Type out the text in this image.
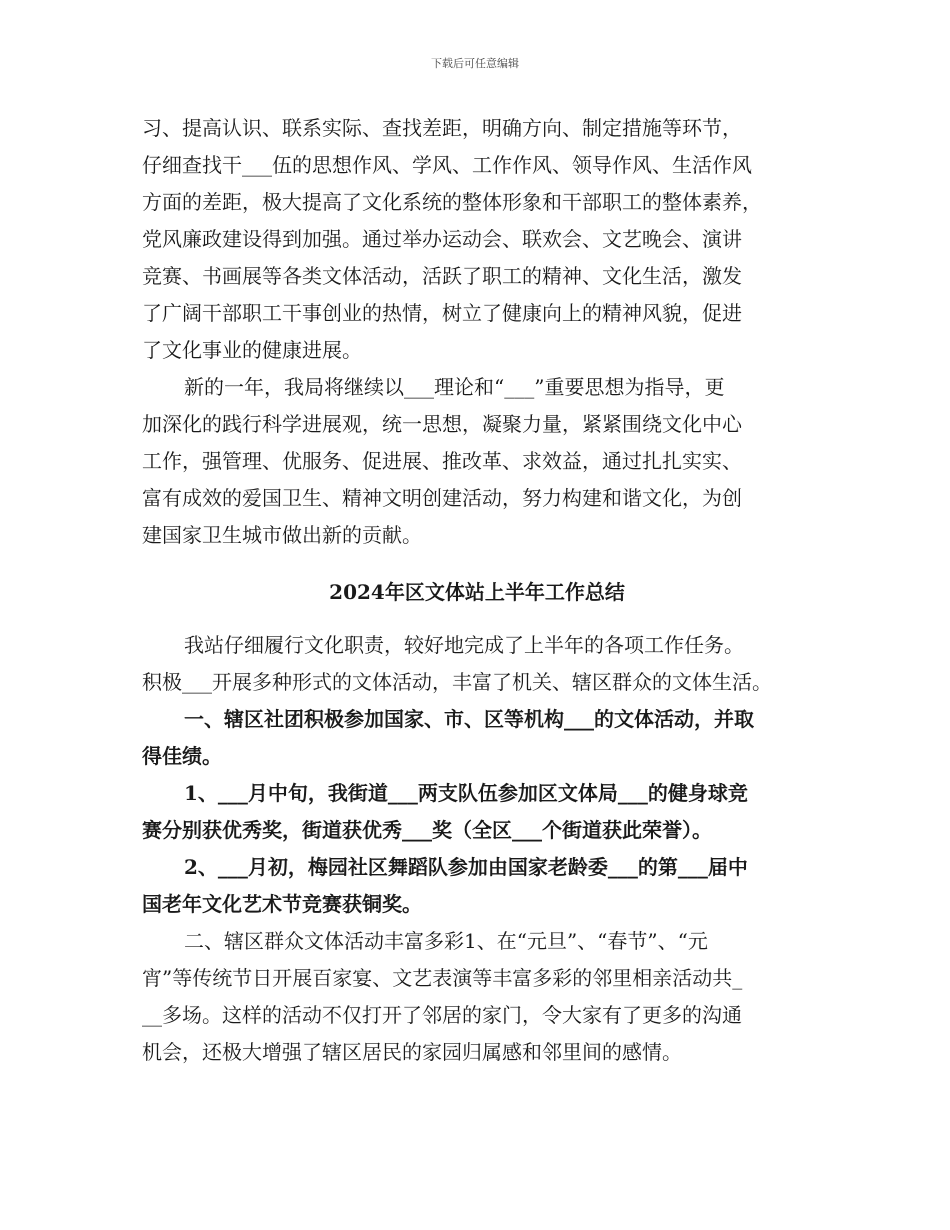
下载后可任意编辑
习、提高认识、联系实际、查找差距，明确方向、制定措施等环节，
仔细查找干___伍的思想作风、学风、工作作风、领导作风、生活作风
方面的差距，极大提高了文化系统的整体形象和干部职工的整体素养，
党风廉政建设得到加强。通过举办运动会、联欢会、文艺晚会、演讲
竞赛、书画展等各类文体活动，活跃了职工的精神、文化生活，激发
了广阔干部职工干事创业的热情，树立了健康向上的精神风貌，促进
了文化事业的健康进展。
新的一年，我局将继续以___理论和“___”重要思想为指导，更
加深化的践行科学进展观，统一思想，凝聚力量，紧紧围绕文化中心
工作，强管理、优服务、促进展、推改革、求效益，通过扎扎实实、
富有成效的爱国卫生、精神文明创建活动，努力构建和谐文化，为创
建国家卫生城市做出新的贡献。
2024年区文体站上半年工作总结
我站仔细履行文化职责，较好地完成了上半年的各项工作任务。
积极___开展多种形式的文体活动，丰富了机关、辖区群众的文体生活。
一、辖区社团积极参加国家、市、区等机构___的文体活动，并取
得佳绩。
1、___月中旬，我街道___两支队伍参加区文体局___的健身球竞
赛分别获优秀奖，街道获优秀___奖（全区___个街道获此荣誉）。
2、___月初，梅园社区舞蹈队参加由国家老龄委___的第___届中
国老年文化艺术节竞赛获铜奖。
二、辖区群众文体活动丰富多彩1、在“元旦”、“春节”、“元
宵”等传统节日开展百家宴、文艺表演等丰富多彩的邻里相亲活动共_
__多场。这样的活动不仅打开了邻居的家门，令大家有了更多的沟通
机会，还极大增强了辖区居民的家园归属感和邻里间的感情。
